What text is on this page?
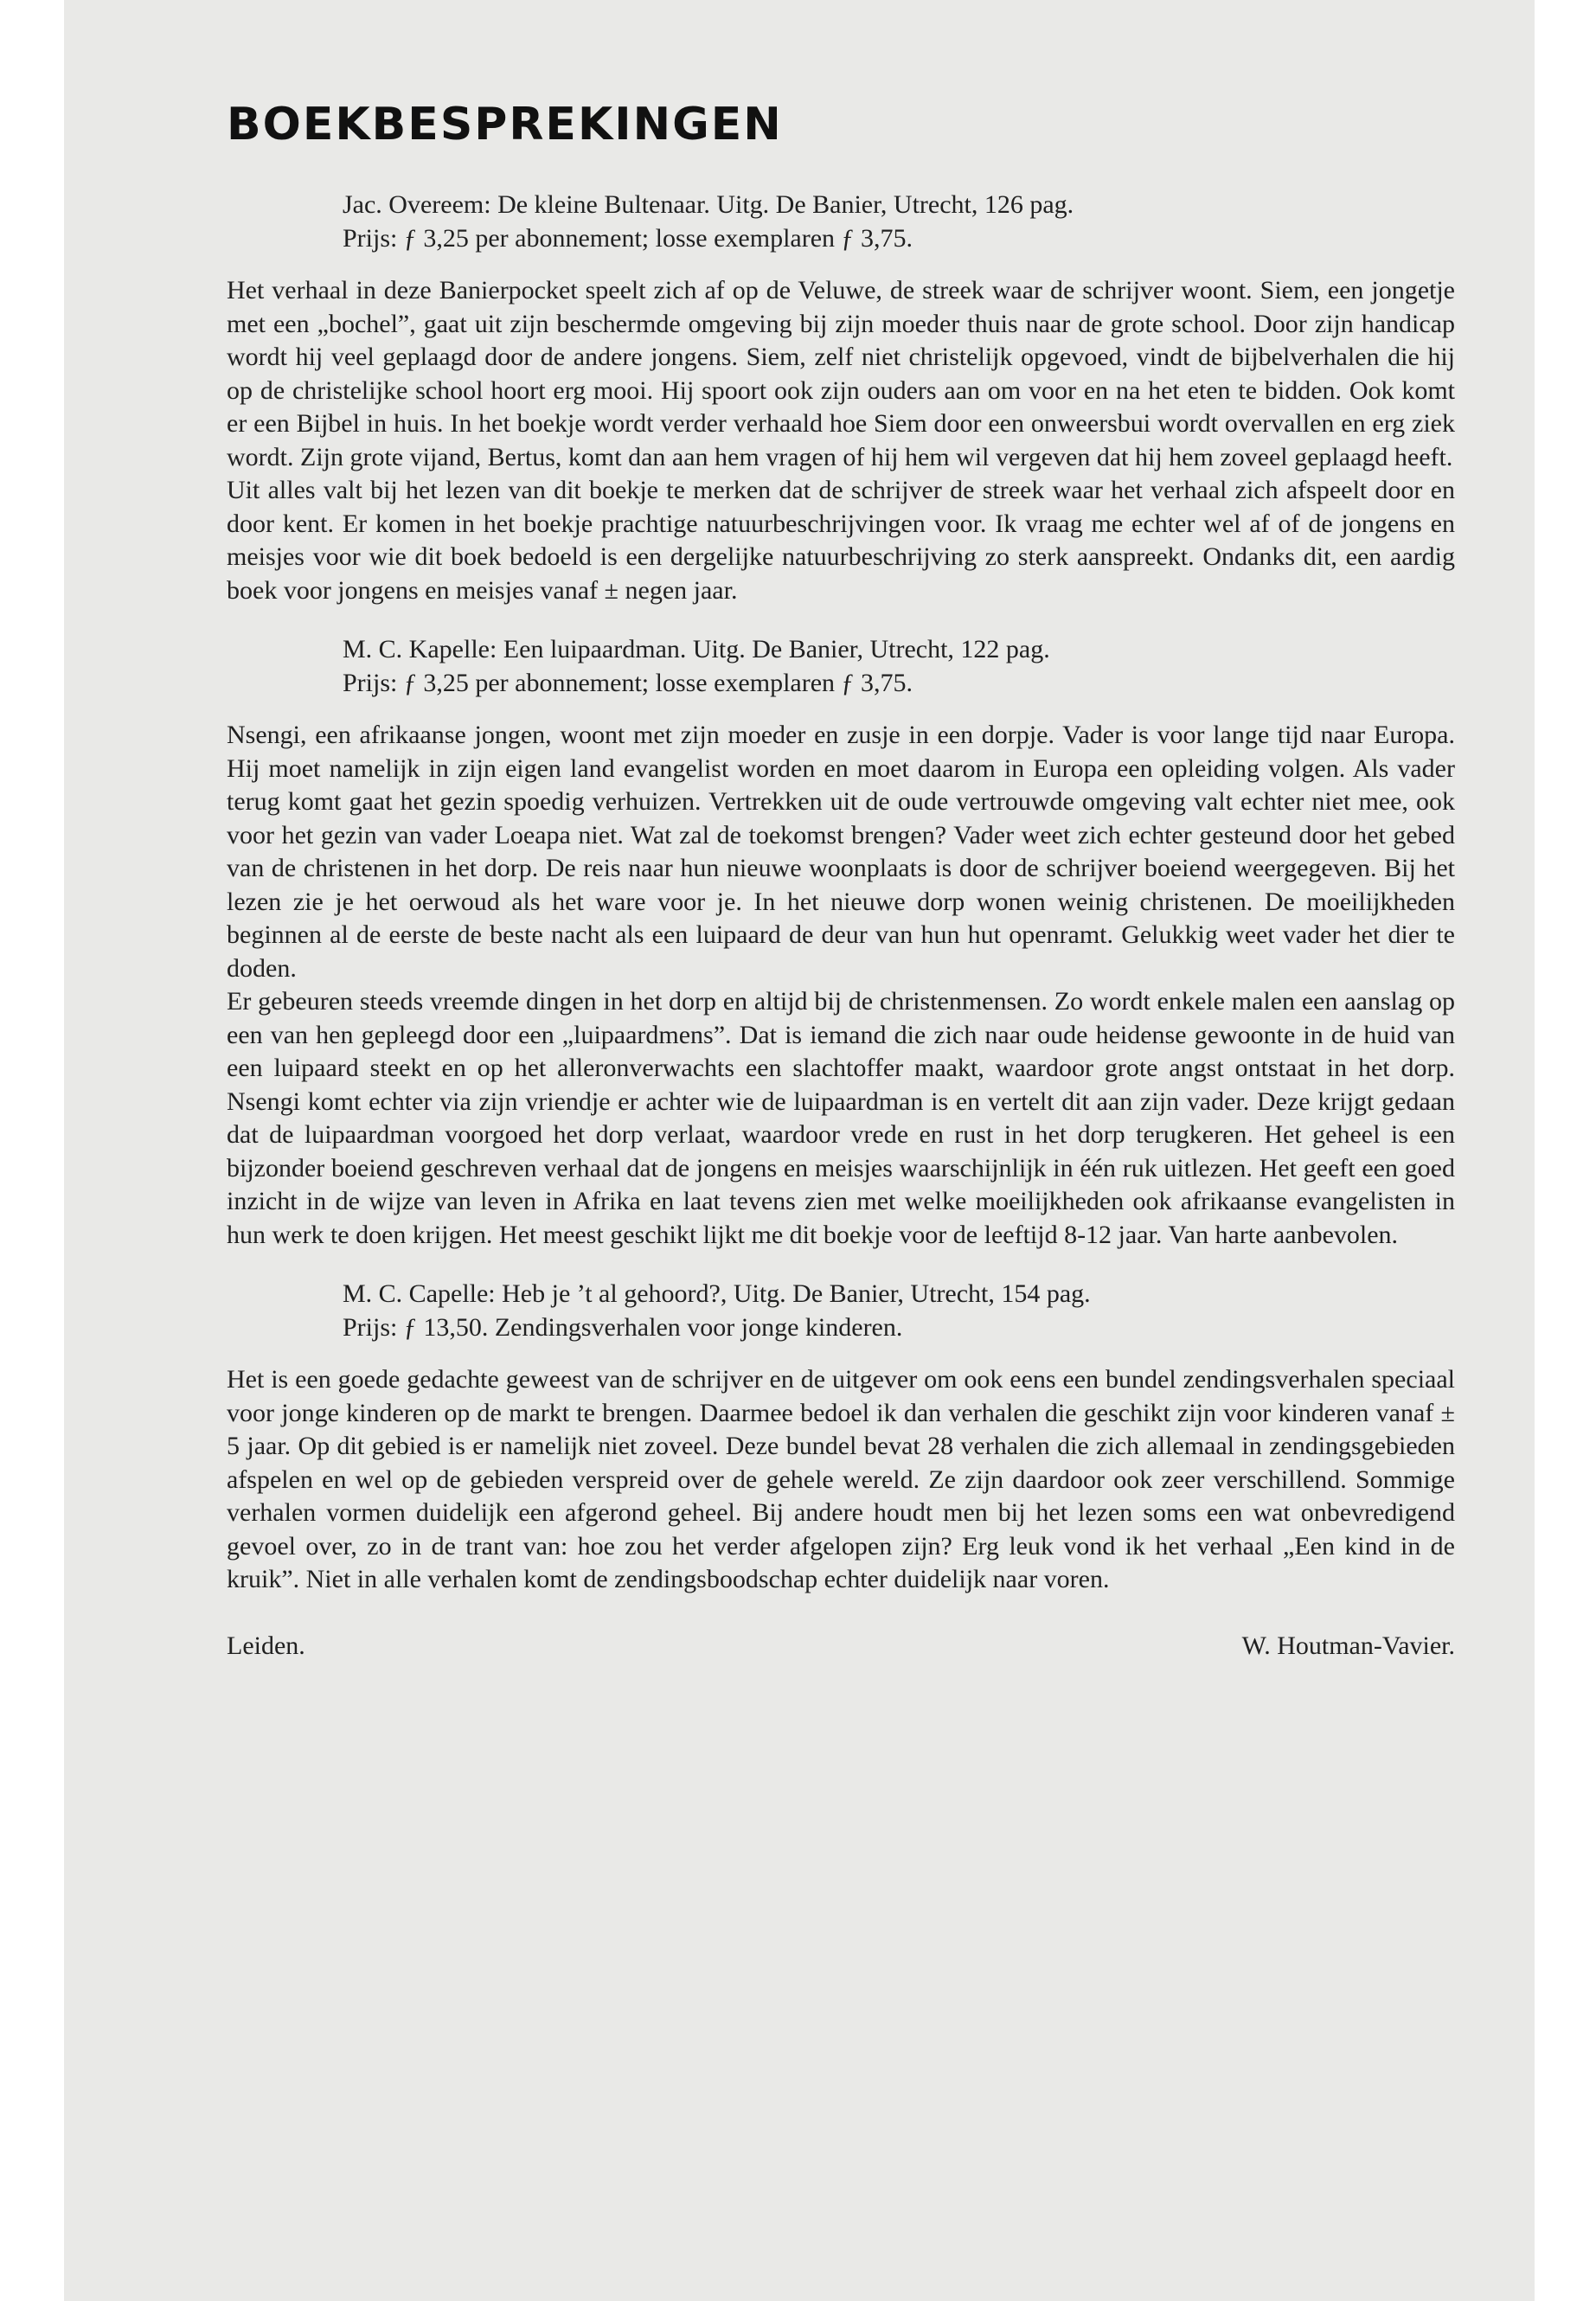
BOEKBESPREKINGEN

Jac. Overeem: De kleine Bultenaar. Uitg. De Banier, Utrecht, 126 pag.

Prijs: ƒ 3,25 per abonnement; losse exemplaren ƒ 3,75.

Het verhaal in deze Banierpocket speelt zich af op de Veluwe, de streek waar de schrijver woont. Siem, een jongetje met een „bochel”, gaat uit zijn beschermde omgeving bij zijn moeder thuis naar de grote school. Door zijn handicap wordt hij veel geplaagd door de andere jongens. Siem, zelf niet christelijk opgevoed, vindt de bijbelverhalen die hij op de christelijke school hoort erg mooi. Hij spoort ook zijn ouders aan om voor en na het eten te bidden. Ook komt er een Bijbel in huis. In het boekje wordt verder verhaald hoe Siem door een onweersbui wordt overvallen en erg ziek wordt. Zijn grote vijand, Bertus, komt dan aan hem vragen of hij hem wil vergeven dat hij hem zoveel geplaagd heeft.

Uit alles valt bij het lezen van dit boekje te merken dat de schrijver de streek waar het verhaal zich afspeelt door en door kent. Er komen in het boekje prachtige natuurbeschrijvingen voor. Ik vraag me echter wel af of de jongens en meisjes voor wie dit boek bedoeld is een dergelijke natuurbeschrijving zo sterk aanspreekt. Ondanks dit, een aardig boek voor jongens en meisjes vanaf ± negen jaar.

M. C. Kapelle: Een luipaardman. Uitg. De Banier, Utrecht, 122 pag.

Prijs: ƒ 3,25 per abonnement; losse exemplaren ƒ 3,75.

Nsengi, een afrikaanse jongen, woont met zijn moeder en zusje in een dorpje. Vader is voor lange tijd naar Europa. Hij moet namelijk in zijn eigen land evangelist worden en moet daarom in Europa een opleiding volgen. Als vader terug komt gaat het gezin spoedig verhuizen. Vertrekken uit de oude vertrouwde omgeving valt echter niet mee, ook voor het gezin van vader Loeapa niet. Wat zal de toekomst brengen? Vader weet zich echter gesteund door het gebed van de christenen in het dorp. De reis naar hun nieuwe woonplaats is door de schrijver boeiend weergegeven. Bij het lezen zie je het oerwoud als het ware voor je. In het nieuwe dorp wonen weinig christenen. De moeilijkheden beginnen al de eerste de beste nacht als een luipaard de deur van hun hut openramt. Gelukkig weet vader het dier te doden.

Er gebeuren steeds vreemde dingen in het dorp en altijd bij de christenmensen. Zo wordt enkele malen een aanslag op een van hen gepleegd door een „luipaardmens”. Dat is iemand die zich naar oude heidense gewoonte in de huid van een luipaard steekt en op het alleronverwachts een slachtoffer maakt, waardoor grote angst ontstaat in het dorp. Nsengi komt echter via zijn vriendje er achter wie de luipaardman is en vertelt dit aan zijn vader. Deze krijgt gedaan dat de luipaardman voorgoed het dorp verlaat, waardoor vrede en rust in het dorp terugkeren. Het geheel is een bijzonder boeiend geschreven verhaal dat de jongens en meisjes waarschijnlijk in één ruk uitlezen. Het geeft een goed inzicht in de wijze van leven in Afrika en laat tevens zien met welke moeilijkheden ook afrikaanse evangelisten in hun werk te doen krijgen. Het meest geschikt lijkt me dit boekje voor de leeftijd 8-12 jaar. Van harte aanbevolen.

M. C. Capelle: Heb je ’t al gehoord?, Uitg. De Banier, Utrecht, 154 pag.

Prijs: ƒ 13,50. Zendingsverhalen voor jonge kinderen.

Het is een goede gedachte geweest van de schrijver en de uitgever om ook eens een bundel zendingsverhalen speciaal voor jonge kinderen op de markt te brengen. Daarmee bedoel ik dan verhalen die geschikt zijn voor kinderen vanaf ± 5 jaar. Op dit gebied is er namelijk niet zoveel. Deze bundel bevat 28 verhalen die zich allemaal in zendingsgebieden afspelen en wel op de gebieden verspreid over de gehele wereld. Ze zijn daardoor ook zeer verschillend. Sommige verhalen vormen duidelijk een afgerond geheel. Bij andere houdt men bij het lezen soms een wat onbevredigend gevoel over, zo in de trant van: hoe zou het verder afgelopen zijn? Erg leuk vond ik het verhaal „Een kind in de kruik”. Niet in alle verhalen komt de zendingsboodschap echter duidelijk naar voren.

Leiden.	W. Houtman-Vavier.
